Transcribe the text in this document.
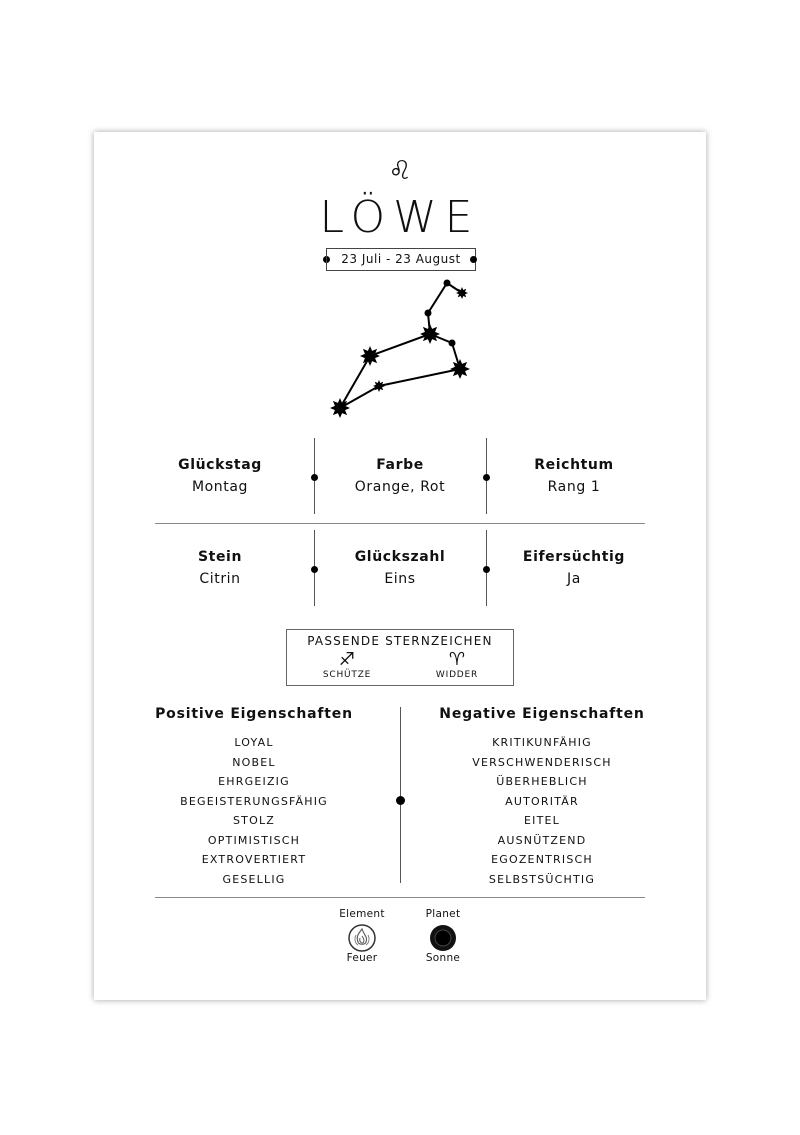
♌
LÖWE
23 Juli - 23 August
Glückstag
Montag
Farbe
Orange, Rot
Reichtum
Rang 1
Stein
Citrin
Glückszahl
Eins
Eifersüchtig
Ja
PASSENDE STERNZEICHEN
♐
SCHÜTZE
♈
WIDDER
Positive Eigenschaften
LOYAL
NOBEL
EHRGEIZIG
BEGEISTERUNGSFÄHIG
STOLZ
OPTIMISTISCH
EXTROVERTIERT
GESELLIG
Negative Eigenschaften
KRITIKUNFÄHIG
VERSCHWENDERISCH
ÜBERHEBLICH
AUTORITÄR
EITEL
AUSNÜTZEND
EGOZENTRISCH
SELBSTSÜCHTIG
Element
Feuer
Planet
Sonne
